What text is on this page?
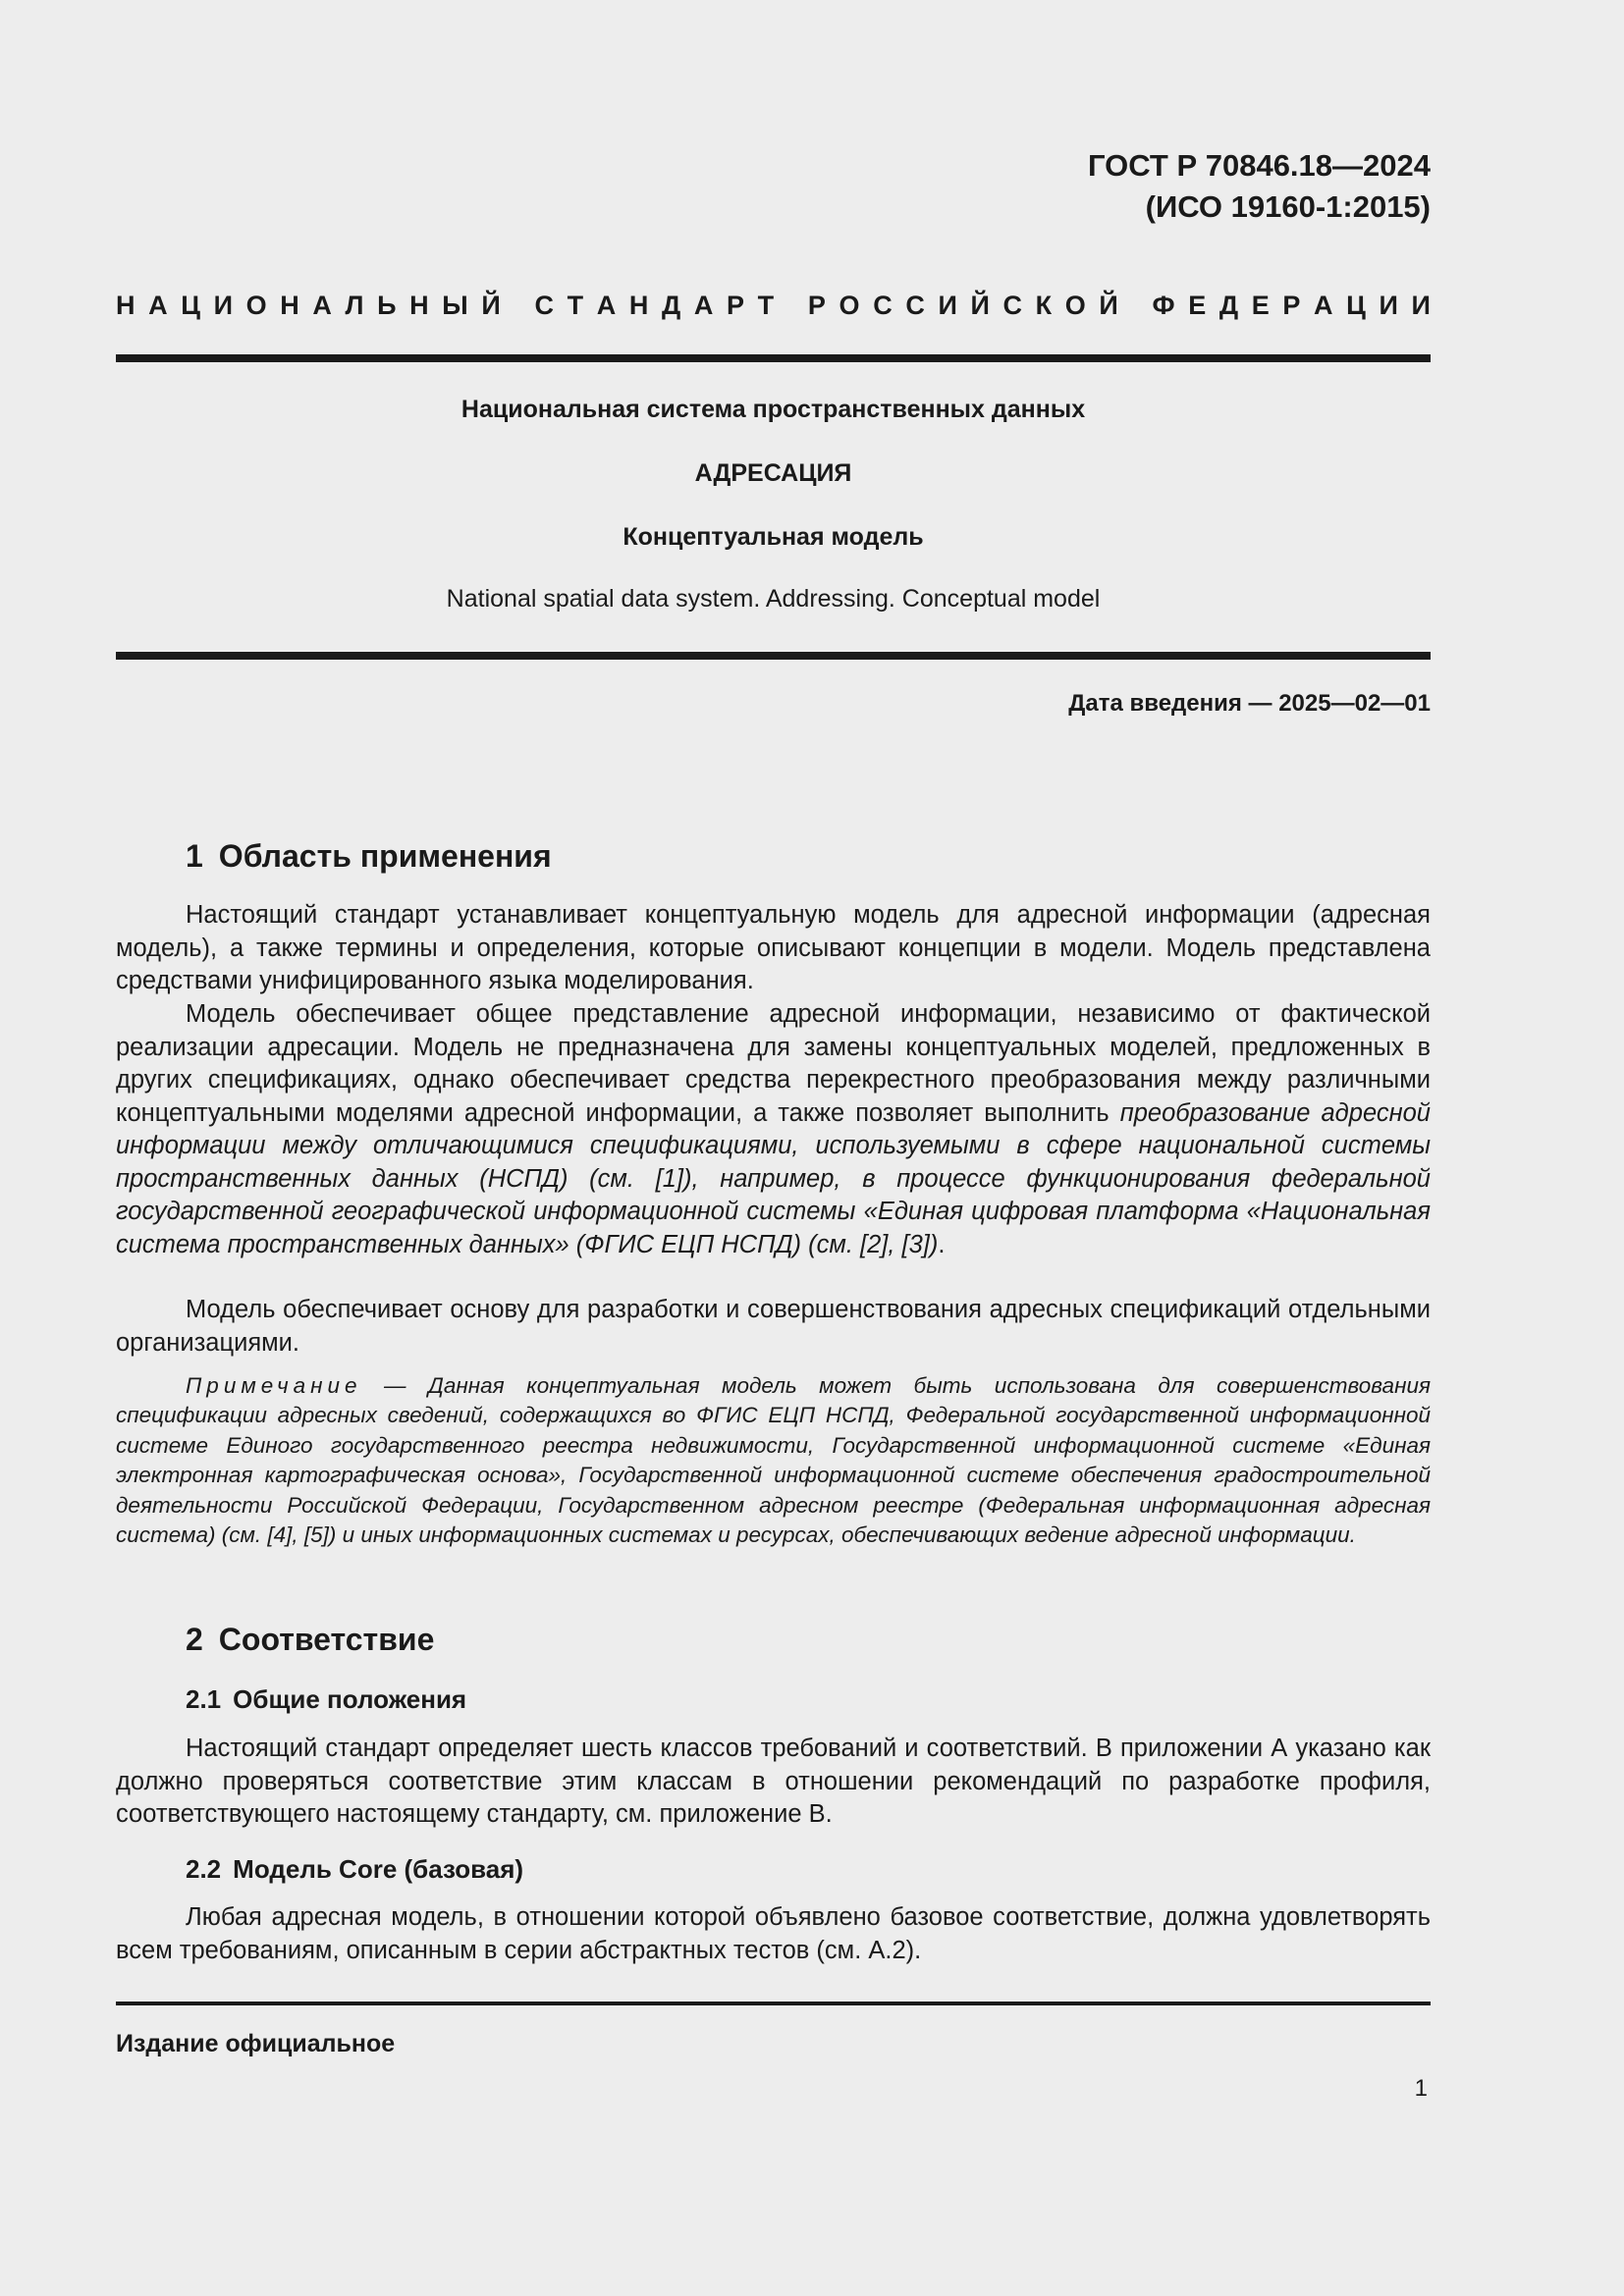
ГОСТ Р 70846.18—2024
(ИСО 19160-1:2015)
Н А Ц И О Н А Л Ь Н Ы Й
С Т А Н Д А Р Т
Р О С С И Й С К О Й
Ф Е Д Е Р А Ц И И
Национальная система пространственных данных
АДРЕСАЦИЯ
Концептуальная модель
National spatial data system. Addressing. Conceptual model
Дата введения — 2025—02—01
1 Область применения
Настоящий стандарт устанавливает концептуальную модель для адресной информации (адресная модель), а также термины и определения, которые описывают концепции в модели. Модель представлена средствами унифицированного языка моделирования.
Модель обеспечивает общее представление адресной информации, независимо от фактической реализации адресации. Модель не предназначена для замены концептуальных моделей, предложенных в других спецификациях, однако обеспечивает средства перекрестного преобразования между различными концептуальными моделями адресной информации, а также позволяет выполнить преобразование адресной информации между отличающимися спецификациями, используемыми в сфере национальной системы пространственных данных (НСПД) (см. [1]), например, в процессе функционирования федеральной государственной географической информационной системы «Единая цифровая платформа «Национальная система пространственных данных» (ФГИС ЕЦП НСПД) (см. [2], [3]).
Модель обеспечивает основу для разработки и совершенствования адресных спецификаций отдельными организациями.
Примечание — Данная концептуальная модель может быть использована для совершенствования спецификации адресных сведений, содержащихся во ФГИС ЕЦП НСПД, Федеральной государственной информационной системе Единого государственного реестра недвижимости, Государственной информационной системе «Единая электронная картографическая основа», Государственной информационной системе обеспечения градостроительной деятельности Российской Федерации, Государственном адресном реестре (Федеральная информационная адресная система) (см. [4], [5]) и иных информационных системах и ресурсах, обеспечивающих ведение адресной информации.
2 Соответствие
2.1 Общие положения
Настоящий стандарт определяет шесть классов требований и соответствий. В приложении А указано как должно проверяться соответствие этим классам в отношении рекомендаций по разработке профиля, соответствующего настоящему стандарту, см. приложение В.
2.2 Модель Core (базовая)
Любая адресная модель, в отношении которой объявлено базовое соответствие, должна удовлетворять всем требованиям, описанным в серии абстрактных тестов (см. А.2).
Издание официальное
1
